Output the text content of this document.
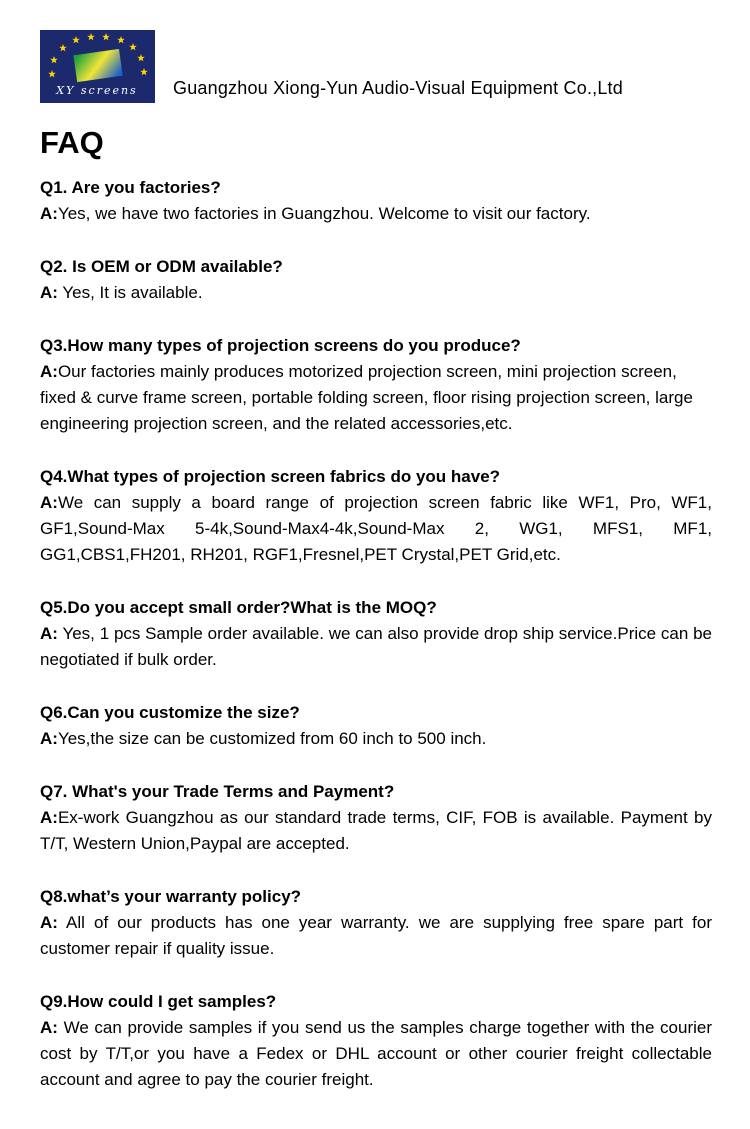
XY screens Guangzhou Xiong-Yun Audio-Visual Equipment Co.,Ltd
FAQ

Q1. Are you factories?

A:Yes, we have two factories in Guangzhou. Welcome to visit our factory.

Q2. Is OEM or ODM available?

A: Yes, It is available.

Q3.How many types of projection screens do you produce?

A:Our factories mainly produces motorized projection screen, mini projection screen, fixed & curve frame screen, portable folding screen, floor rising projection screen, large engineering projection screen, and the related accessories,etc.

Q4.What types of projection screen fabrics do you have?

A:We can supply a board range of projection screen fabric like WF1, Pro, WF1, GF1,Sound-Max 5-4k,Sound-Max4-4k,Sound-Max 2, WG1, MFS1, MF1, GG1,CBS1,FH201, RH201, RGF1,Fresnel,PET Crystal,PET Grid,etc.

Q5.Do you accept small order?What is the MOQ?

A: Yes, 1 pcs Sample order available. we can also provide drop ship service.Price can be negotiated if bulk order.

Q6.Can you customize the size?

A:Yes,the size can be customized from 60 inch to 500 inch.

Q7. What's your Trade Terms and Payment?

A:Ex-work Guangzhou as our standard trade terms, CIF, FOB is available. Payment by T/T, Western Union,Paypal are accepted.

Q8.what’s your warranty policy?

A: All of our products has one year warranty. we are supplying free spare part for customer repair if quality issue.

Q9.How could I get samples?

A: We can provide samples if you send us the samples charge together with the courier cost by T/T,or you have a Fedex or DHL account or other courier freight collectable account and agree to pay the courier freight.
